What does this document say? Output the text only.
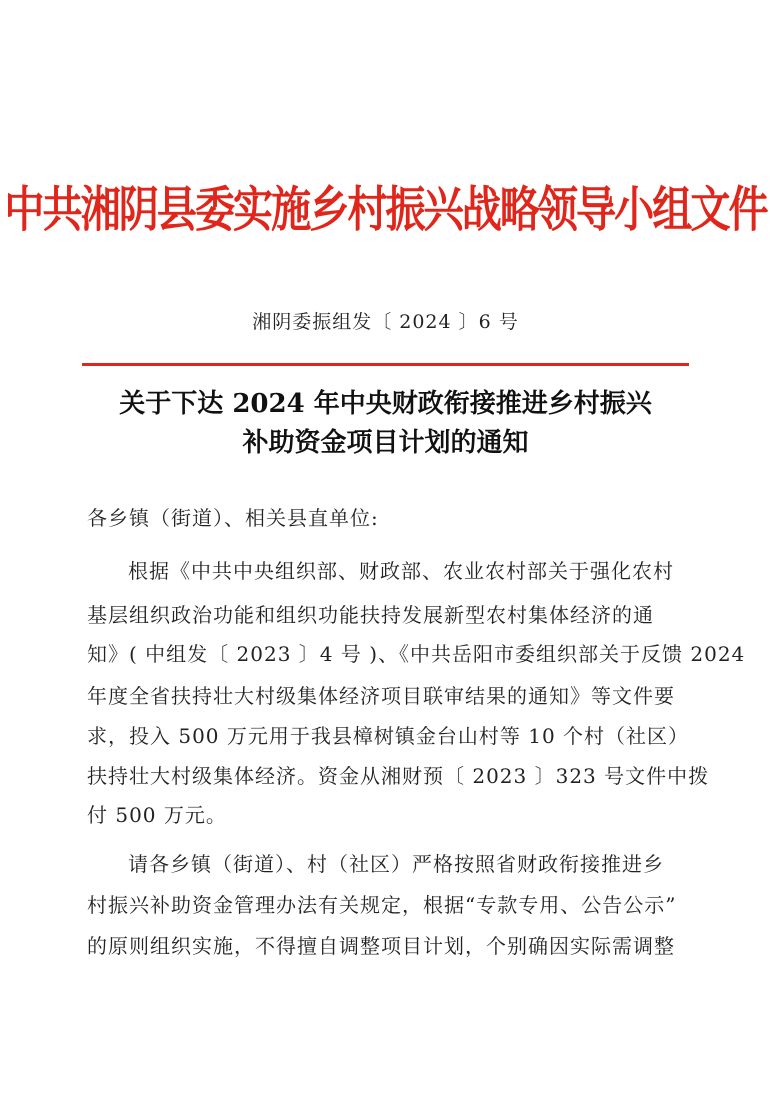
中共湘阴县委实施乡村振兴战略领导小组文件
湘阴委振组发〔 2024 〕6 号
关于下达 2024 年中央财政衔接推进乡村振兴
补助资金项目计划的通知
各乡镇（街道）、相关县直单位:
根据《中共中央组织部、财政部、农业农村部关于强化农村
基层组织政治功能和组织功能扶持发展新型农村集体经济的通
知》( 中组发〔 2023 〕4 号 )、《中共岳阳市委组织部关于反馈 2024
年度全省扶持壮大村级集体经济项目联审结果的通知》等文件要
求，投入 500 万元用于我县樟树镇金台山村等 10 个村（社区）
扶持壮大村级集体经济。资金从湘财预〔 2023 〕323 号文件中拨
付 500 万元。
请各乡镇（街道）、村（社区）严格按照省财政衔接推进乡
村振兴补助资金管理办法有关规定，根据“专款专用、公告公示”
的原则组织实施，不得擅自调整项目计划，个别确因实际需调整
